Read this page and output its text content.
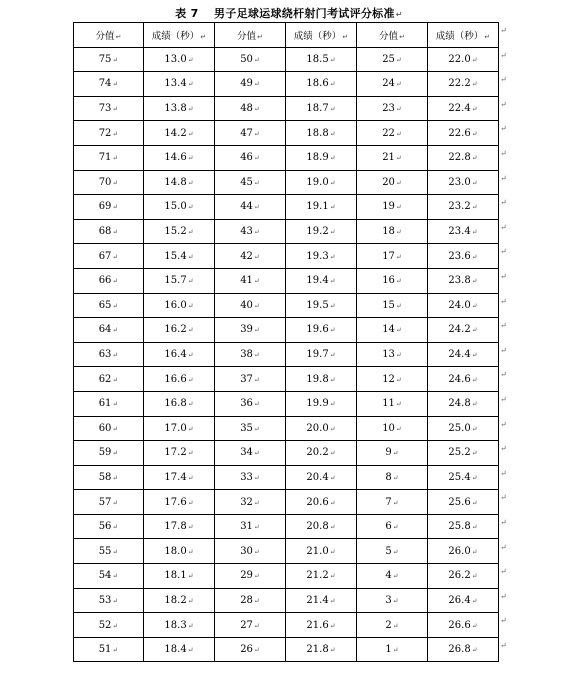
表 7　 男子足球运球绕杆射门考试评分标准↵
分值↵	成绩（秒）↵	分值↵	成绩（秒）↵	分值↵	成绩（秒）↵
75↵	13.0↵	50↵	18.5↵	25↵	22.0↵
74↵	13.4↵	49↵	18.6↵	24↵	22.2↵
73↵	13.8↵	48↵	18.7↵	23↵	22.4↵
72↵	14.2↵	47↵	18.8↵	22↵	22.6↵
71↵	14.6↵	46↵	18.9↵	21↵	22.8↵
70↵	14.8↵	45↵	19.0↵	20↵	23.0↵
69↵	15.0↵	44↵	19.1↵	19↵	23.2↵
68↵	15.2↵	43↵	19.2↵	18↵	23.4↵
67↵	15.4↵	42↵	19.3↵	17↵	23.6↵
66↵	15.7↵	41↵	19.4↵	16↵	23.8↵
65↵	16.0↵	40↵	19.5↵	15↵	24.0↵
64↵	16.2↵	39↵	19.6↵	14↵	24.2↵
63↵	16.4↵	38↵	19.7↵	13↵	24.4↵
62↵	16.6↵	37↵	19.8↵	12↵	24.6↵
61↵	16.8↵	36↵	19.9↵	11↵	24.8↵
60↵	17.0↵	35↵	20.0↵	10↵	25.0↵
59↵	17.2↵	34↵	20.2↵	9↵	25.2↵
58↵	17.4↵	33↵	20.4↵	8↵	25.4↵
57↵	17.6↵	32↵	20.6↵	7↵	25.6↵
56↵	17.8↵	31↵	20.8↵	6↵	25.8↵
55↵	18.0↵	30↵	21.0↵	5↵	26.0↵
54↵	18.1↵	29↵	21.2↵	4↵	26.2↵
53↵	18.2↵	28↵	21.4↵	3↵	26.4↵
52↵	18.3↵	27↵	21.6↵	2↵	26.6↵
51↵	18.4↵	26↵	21.8↵	1↵	26.8↵
↵
↵
↵
↵
↵
↵
↵
↵
↵
↵
↵
↵
↵
↵
↵
↵
↵
↵
↵
↵
↵
↵
↵
↵
↵
↵
